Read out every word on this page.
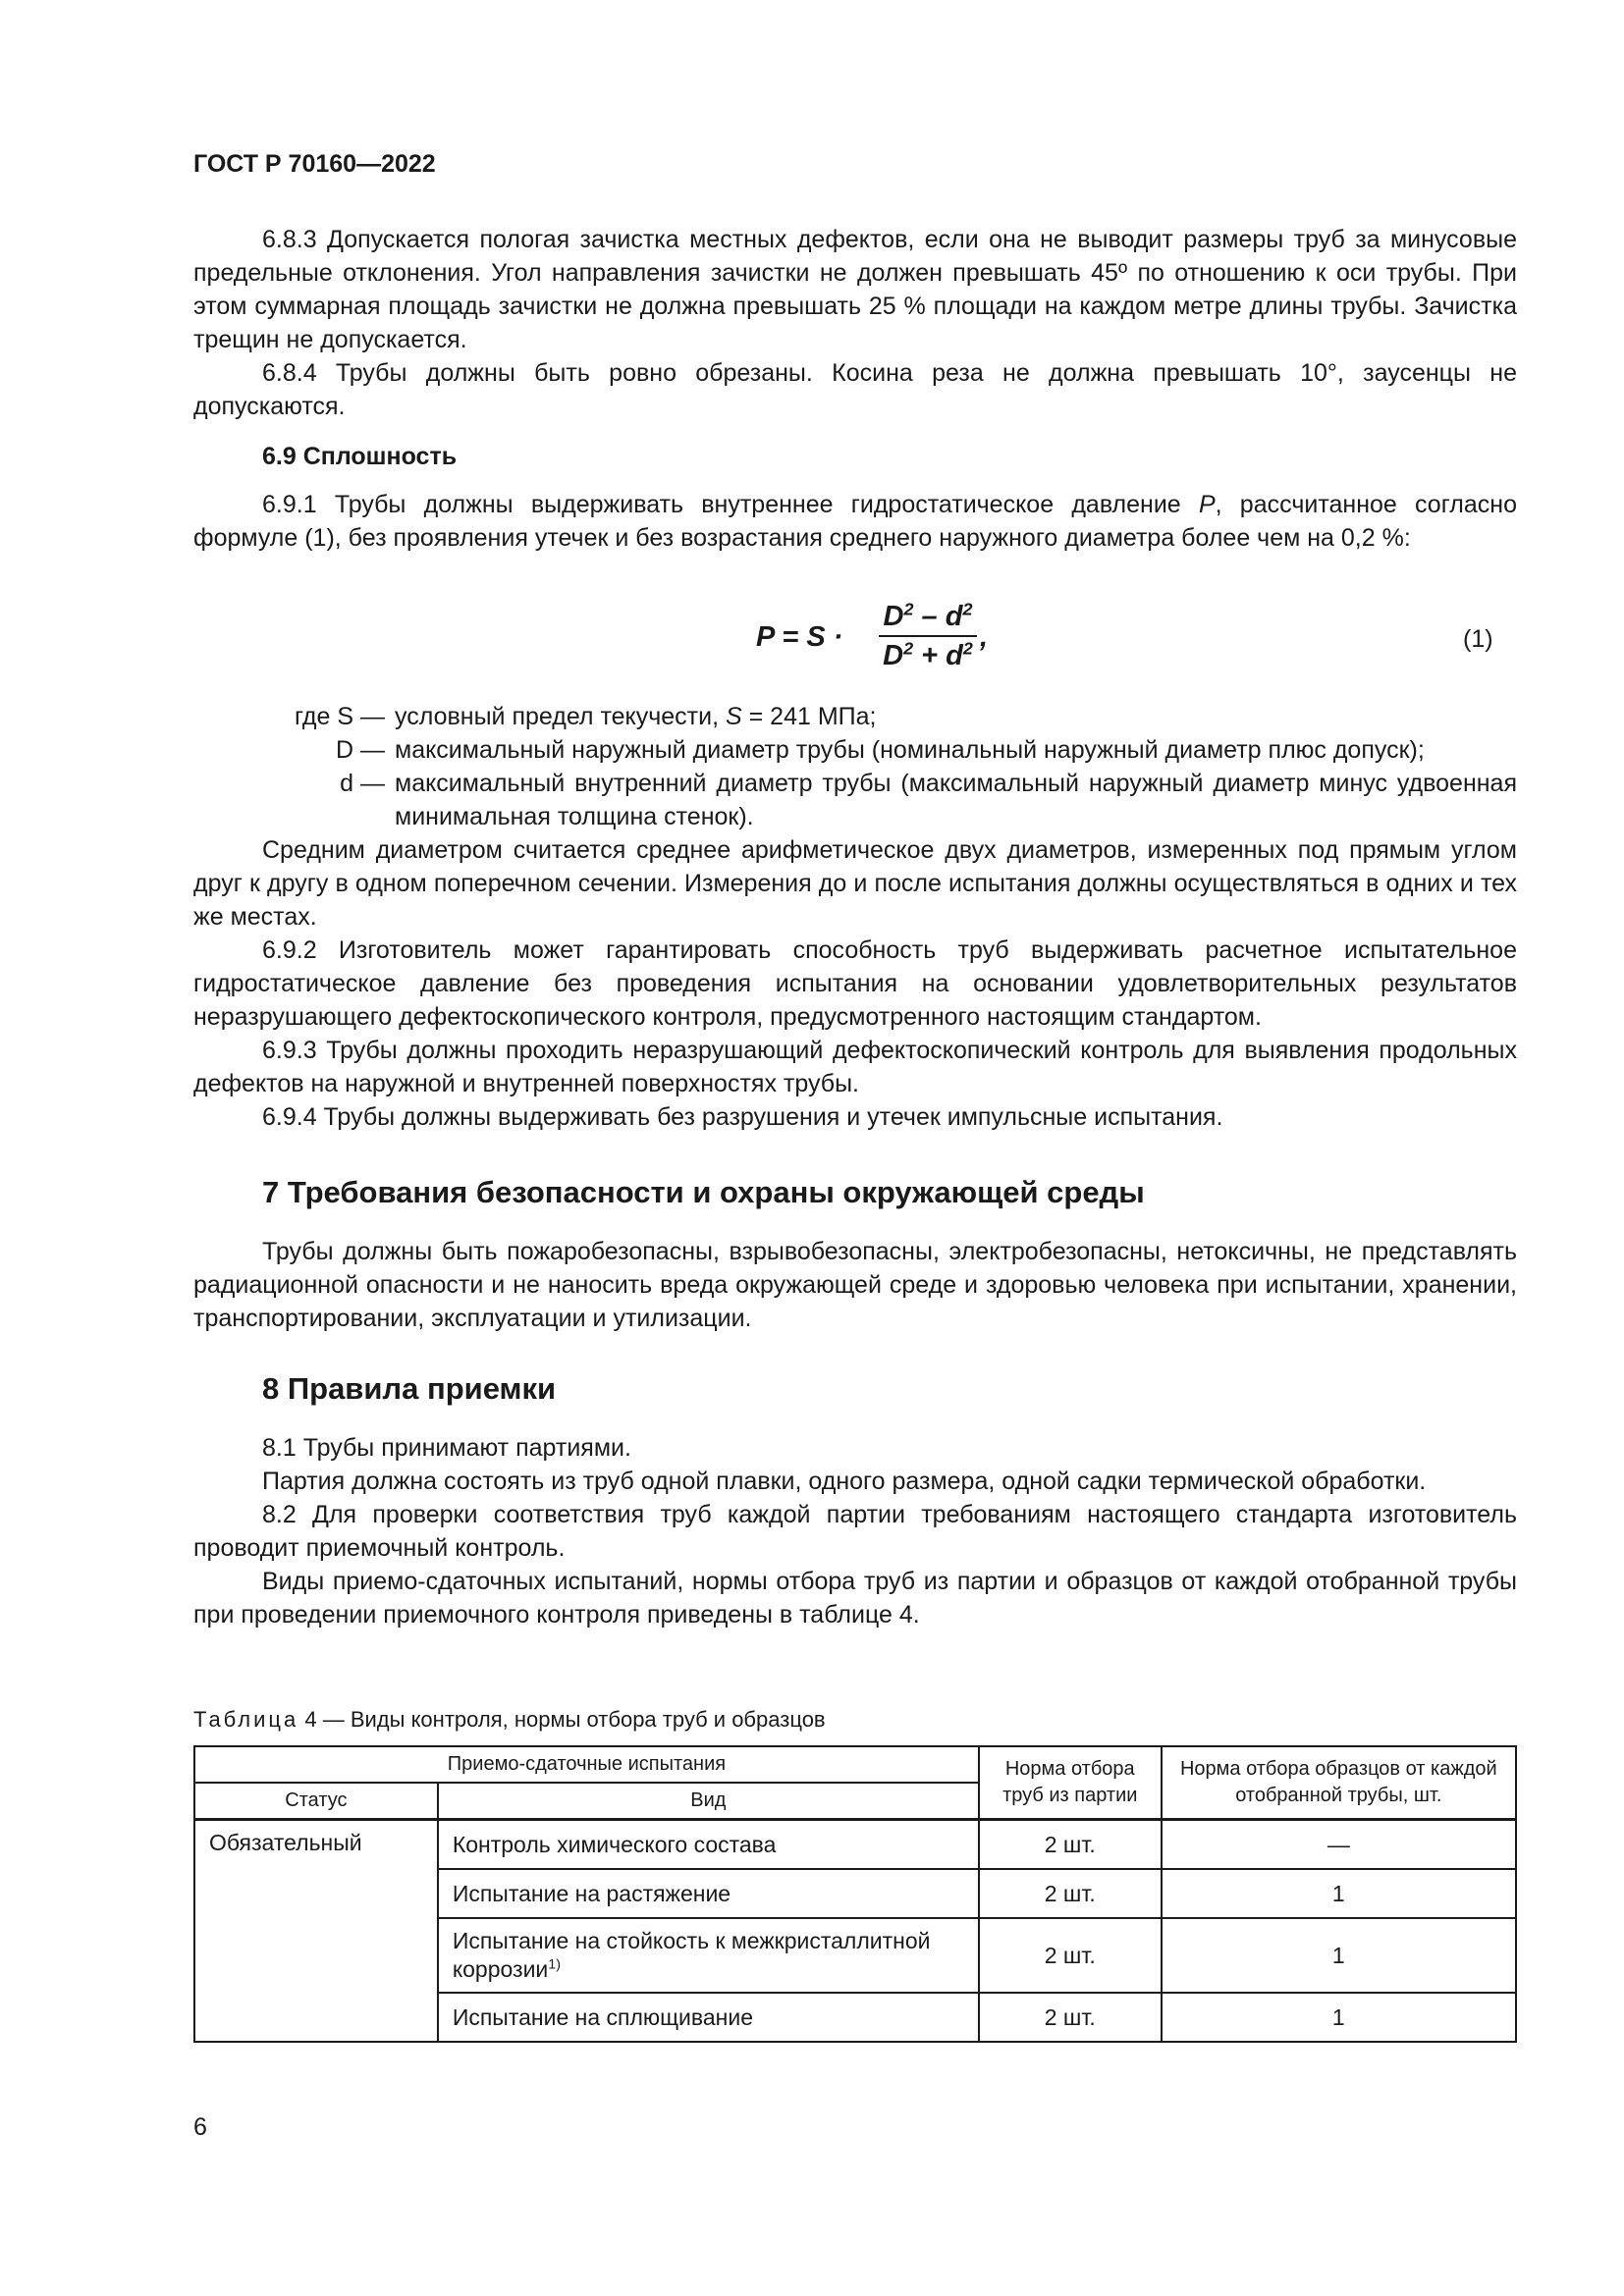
ГОСТ Р 70160—2022

6.8.3 Допускается пологая зачистка местных дефектов, если она не выводит размеры труб за минусовые предельные отклонения. Угол направления зачистки не должен превышать 45º по отношению к оси трубы. При этом суммарная площадь зачистки не должна превышать 25 % площади на каждом метре длины трубы. Зачистка трещин не допускается.

6.8.4 Трубы должны быть ровно обрезаны. Косина реза не должна превышать 10°, заусенцы не допускаются.

6.9 Сплошность

6.9.1 Трубы должны выдерживать внутреннее гидростатическое давление P, рассчитанное согласно формуле (1), без проявления утечек и без возрастания среднего наружного диаметра более чем на 0,2 %:

P = S ·
$D^2 - d^2$
$D^2 + d^2$ ,	(1)
где S — условный предел текучести, S = 241 МПа;
D — максимальный наружный диаметр трубы (номинальный наружный диаметр плюс допуск);
d — максимальный внутренний диаметр трубы (максимальный наружный диаметр минус удвоенная минимальная толщина стенок).

Средним диаметром считается среднее арифметическое двух диаметров, измеренных под прямым углом друг к другу в одном поперечном сечении. Измерения до и после испытания должны осуществляться в одних и тех же местах.

6.9.2 Изготовитель может гарантировать способность труб выдерживать расчетное испытательное гидростатическое давление без проведения испытания на основании удовлетворительных результатов неразрушающего дефектоскопического контроля, предусмотренного настоящим стандартом.

6.9.3 Трубы должны проходить неразрушающий дефектоскопический контроль для выявления продольных дефектов на наружной и внутренней поверхностях трубы.

6.9.4 Трубы должны выдерживать без разрушения и утечек импульсные испытания.

7 Требования безопасности и охраны окружающей среды

Трубы должны быть пожаробезопасны, взрывобезопасны, электробезопасны, нетоксичны, не представлять радиационной опасности и не наносить вреда окружающей среде и здоровью человека при испытании, хранении, транспортировании, эксплуатации и утилизации.

8 Правила приемки

8.1 Трубы принимают партиями.

Партия должна состоять из труб одной плавки, одного размера, одной садки термической обработки.

8.2 Для проверки соответствия труб каждой партии требованиям настоящего стандарта изготовитель проводит приемочный контроль.

Виды приемо-сдаточных испытаний, нормы отбора труб из партии и образцов от каждой отобранной трубы при проведении приемочного контроля приведены в таблице 4.

Таблица 4 — Виды контроля, нормы отбора труб и образцов
Приемо-сдаточные испытания		Норма отбора труб из партии	Норма отбора образцов от каждой отобранной трубы, шт.
Статус	Вид		
Обязательный	Контроль химического состава	2 шт.	—
	Испытание на растяжение	2 шт.	1
	Испытание на стойкость к межкристаллитной коррозии$^{1)}$	2 шт.	1
	Испытание на сплющивание	2 шт.	1
6
